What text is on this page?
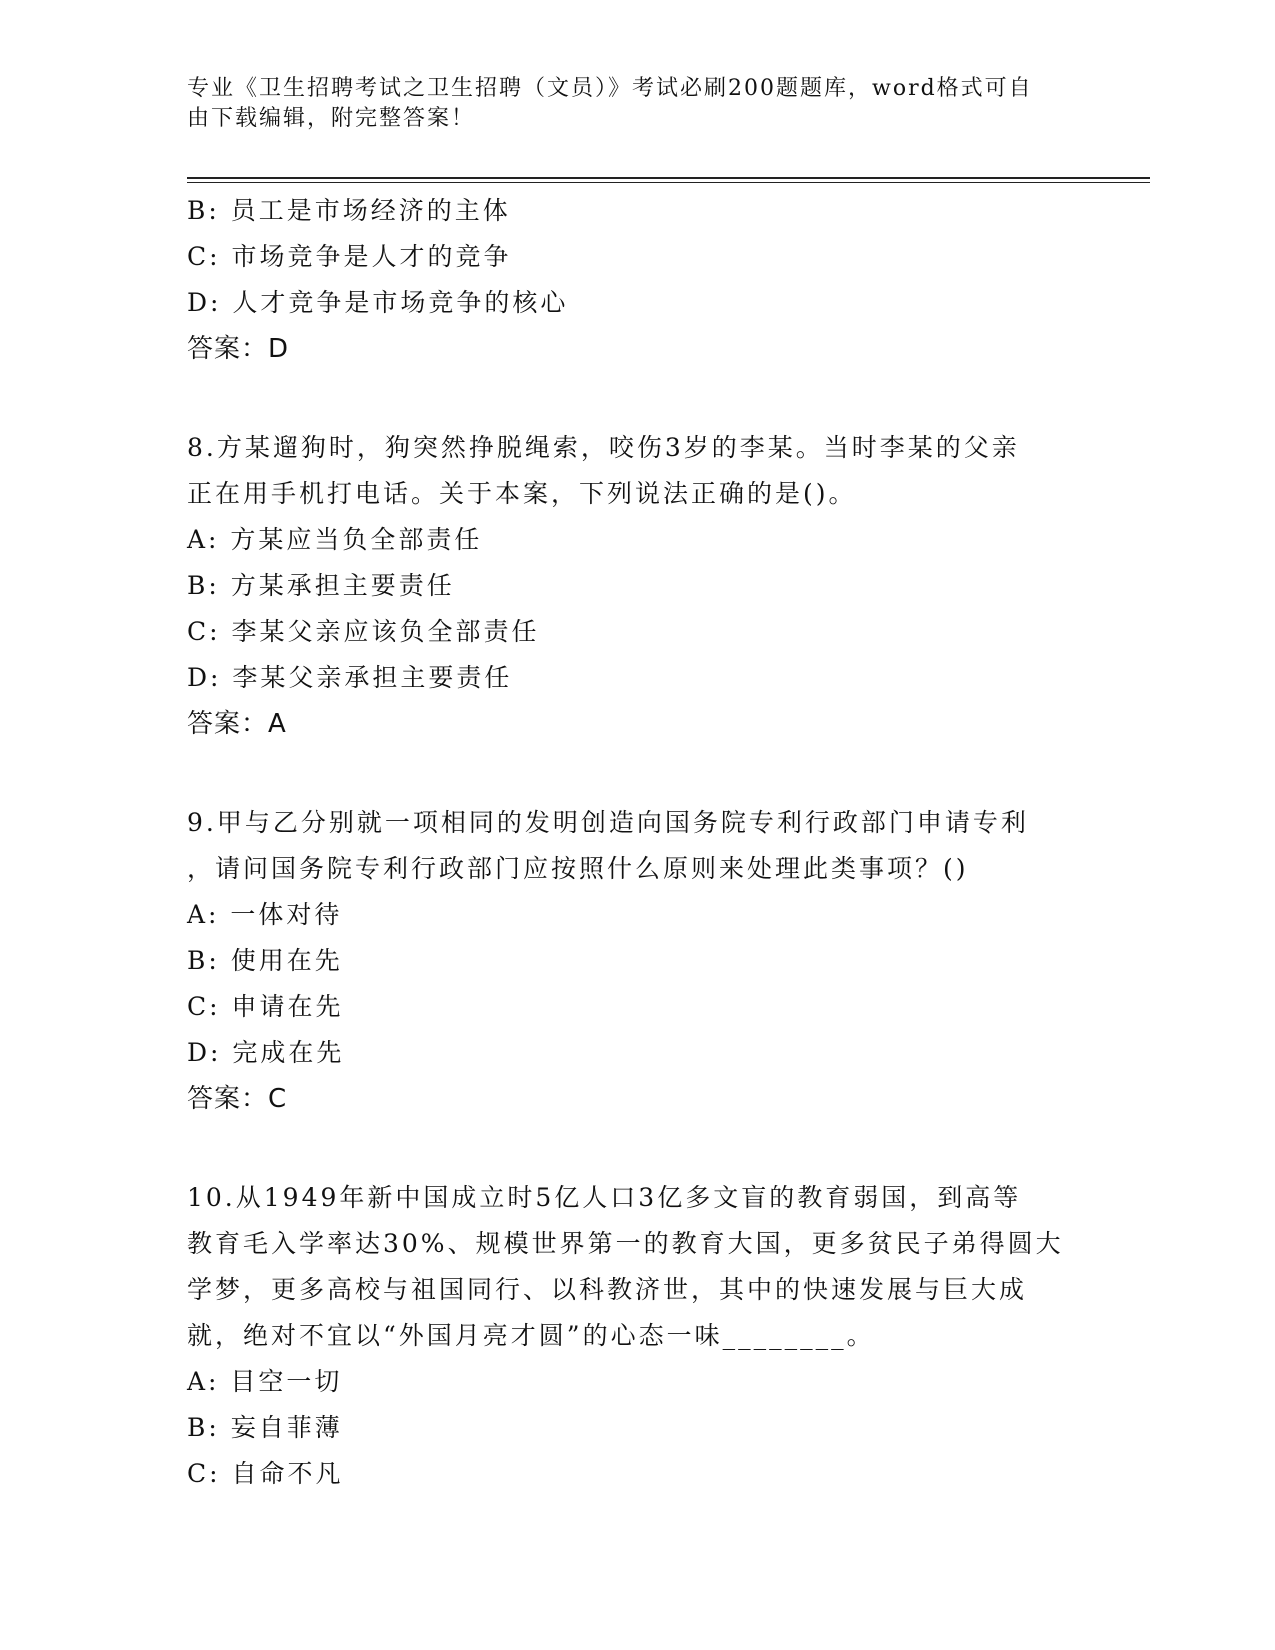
专业《卫生招聘考试之卫生招聘（文员）》考试必刷200题题库，word格式可自
由下载编辑，附完整答案！
B: 员工是市场经济的主体
C: 市场竞争是人才的竞争
D: 人才竞争是市场竞争的核心
答案：D
8.方某遛狗时，狗突然挣脱绳索，咬伤3岁的李某。当时李某的父亲
正在用手机打电话。关于本案，下列说法正确的是()。
A: 方某应当负全部责任
B: 方某承担主要责任
C: 李某父亲应该负全部责任
D: 李某父亲承担主要责任
答案：A
9.甲与乙分别就一项相同的发明创造向国务院专利行政部门申请专利
，请问国务院专利行政部门应按照什么原则来处理此类事项？()
A: 一体对待
B: 使用在先
C: 申请在先
D: 完成在先
答案：C
10.从1949年新中国成立时5亿人口3亿多文盲的教育弱国，到高等
教育毛入学率达30%、规模世界第一的教育大国，更多贫民子弟得圆大
学梦，更多高校与祖国同行、以科教济世，其中的快速发展与巨大成
就，绝对不宜以“外国月亮才圆”的心态一味________。
A: 目空一切
B: 妄自菲薄
C: 自命不凡
